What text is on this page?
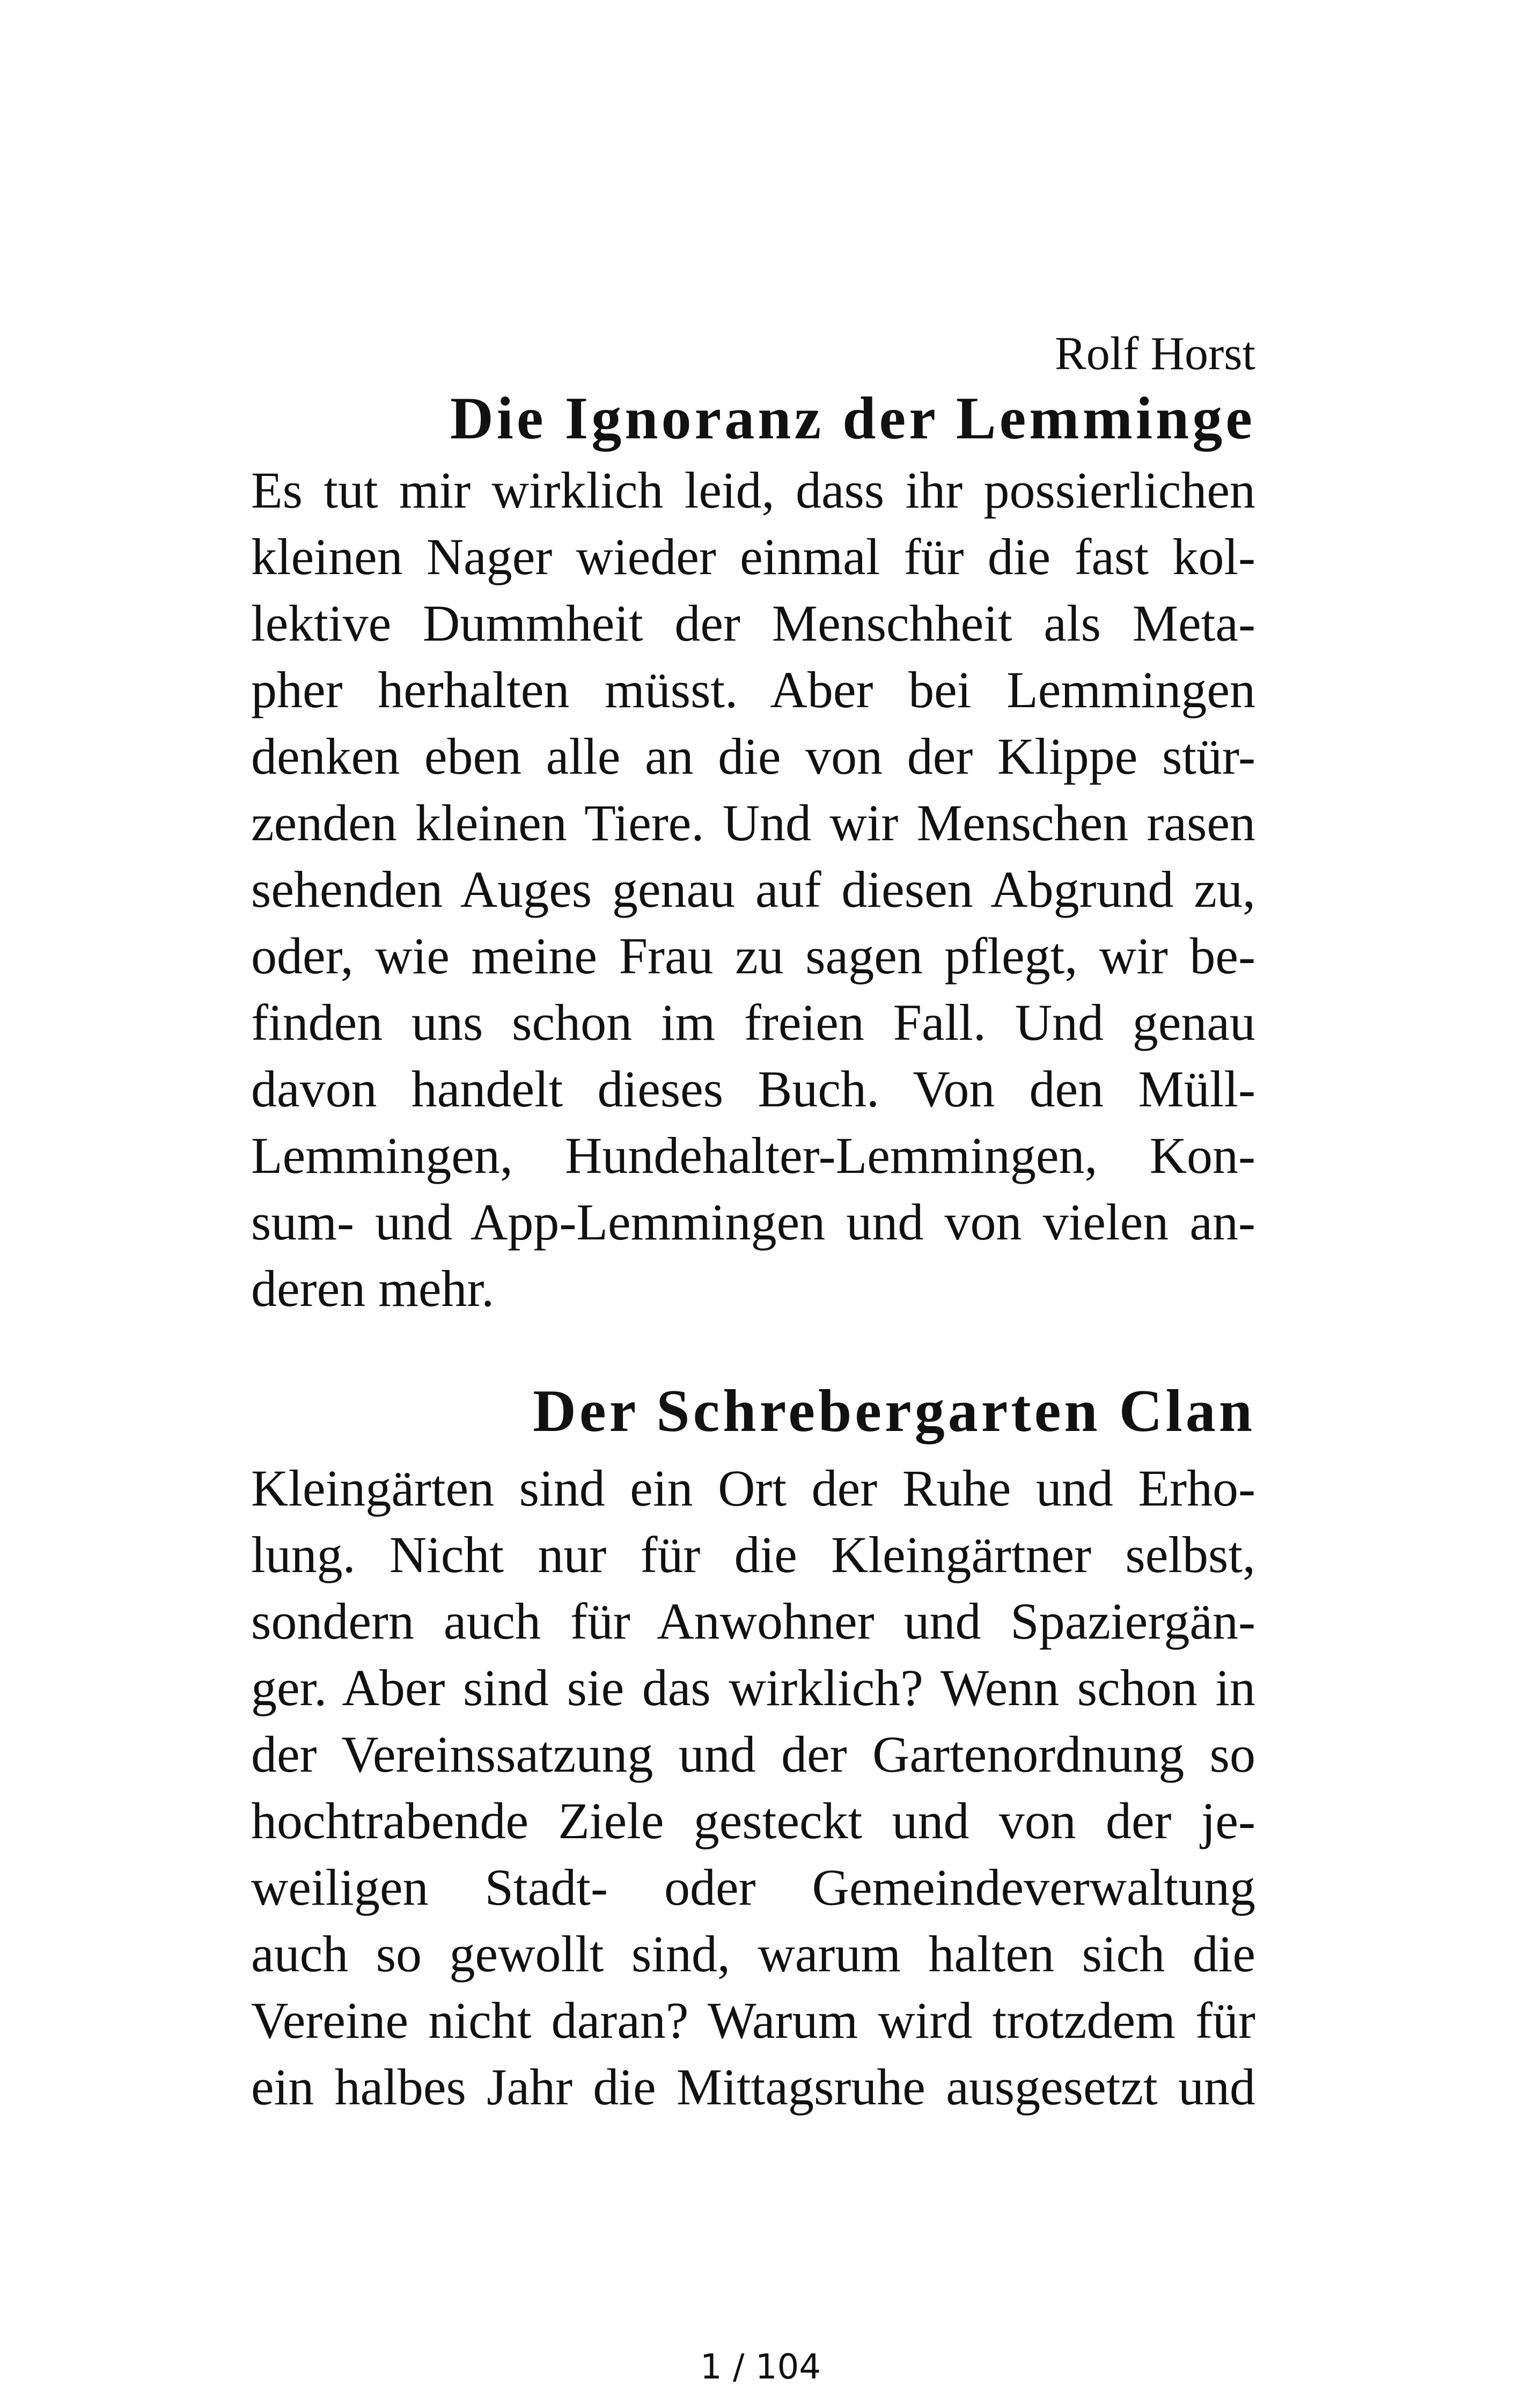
Rolf Horst
Die Ignoranz der Lemminge
Es tut mir wirklich leid, dass ihr possierlichen
kleinen Nager wieder einmal für die fast kol-
lektive Dummheit der Menschheit als Meta-
pher herhalten müsst. Aber bei Lemmingen
denken eben alle an die von der Klippe stür-
zenden kleinen Tiere. Und wir Menschen rasen
sehenden Auges genau auf diesen Abgrund zu,
oder, wie meine Frau zu sagen pflegt, wir be-
finden uns schon im freien Fall. Und genau
davon handelt dieses Buch. Von den Müll-
Lemmingen, Hundehalter-Lemmingen, Kon-
sum- und App-Lemmingen und von vielen an-
deren mehr.
Der Schrebergarten Clan
Kleingärten sind ein Ort der Ruhe und Erho-
lung. Nicht nur für die Kleingärtner selbst,
sondern auch für Anwohner und Spaziergän-
ger. Aber sind sie das wirklich? Wenn schon in
der Vereinssatzung und der Gartenordnung so
hochtrabende Ziele gesteckt und von der je-
weiligen Stadt- oder Gemeindeverwaltung
auch so gewollt sind, warum halten sich die
Vereine nicht daran? Warum wird trotzdem für
ein halbes Jahr die Mittagsruhe ausgesetzt und
1 / 104
